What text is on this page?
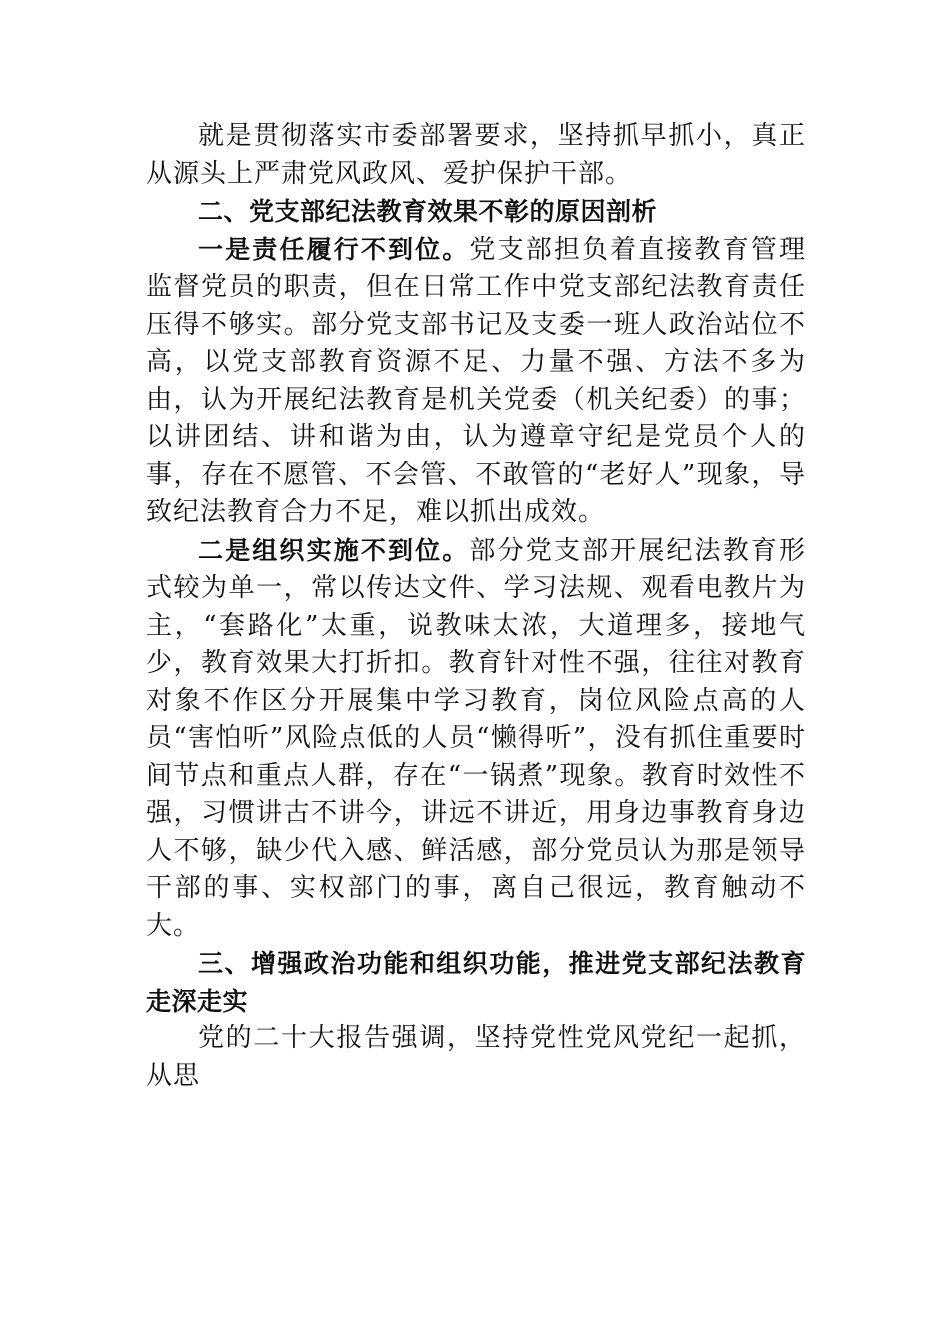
就是贯彻落实市委部署要求，坚持抓早抓小，真正从源头上严肃党风政风、爱护保护干部。

二、党支部纪法教育效果不彰的原因剖析

一是责任履行不到位。党支部担负着直接教育管理监督党员的职责，但在日常工作中党支部纪法教育责任压得不够实。部分党支部书记及支委一班人政治站位不高，以党支部教育资源不足、力量不强、方法不多为由，认为开展纪法教育是机关党委（机关纪委）的事；以讲团结、讲和谐为由，认为遵章守纪是党员个人的事，存在不愿管、不会管、不敢管的“老好人”现象，导致纪法教育合力不足，难以抓出成效。

二是组织实施不到位。部分党支部开展纪法教育形式较为单一，常以传达文件、学习法规、观看电教片为主，“套路化”太重，说教味太浓，大道理多，接地气少，教育效果大打折扣。教育针对性不强，往往对教育对象不作区分开展集中学习教育，岗位风险点高的人员“害怕听”风险点低的人员“懒得听”，没有抓住重要时间节点和重点人群，存在“一锅煮”现象。教育时效性不强，习惯讲古不讲今，讲远不讲近，用身边事教育身边人不够，缺少代入感、鲜活感，部分党员认为那是领导干部的事、实权部门的事，离自己很远，教育触动不大。

三、增强政治功能和组织功能，推进党支部纪法教育走深走实

党的二十大报告强调，坚持党性党风党纪一起抓，从思
